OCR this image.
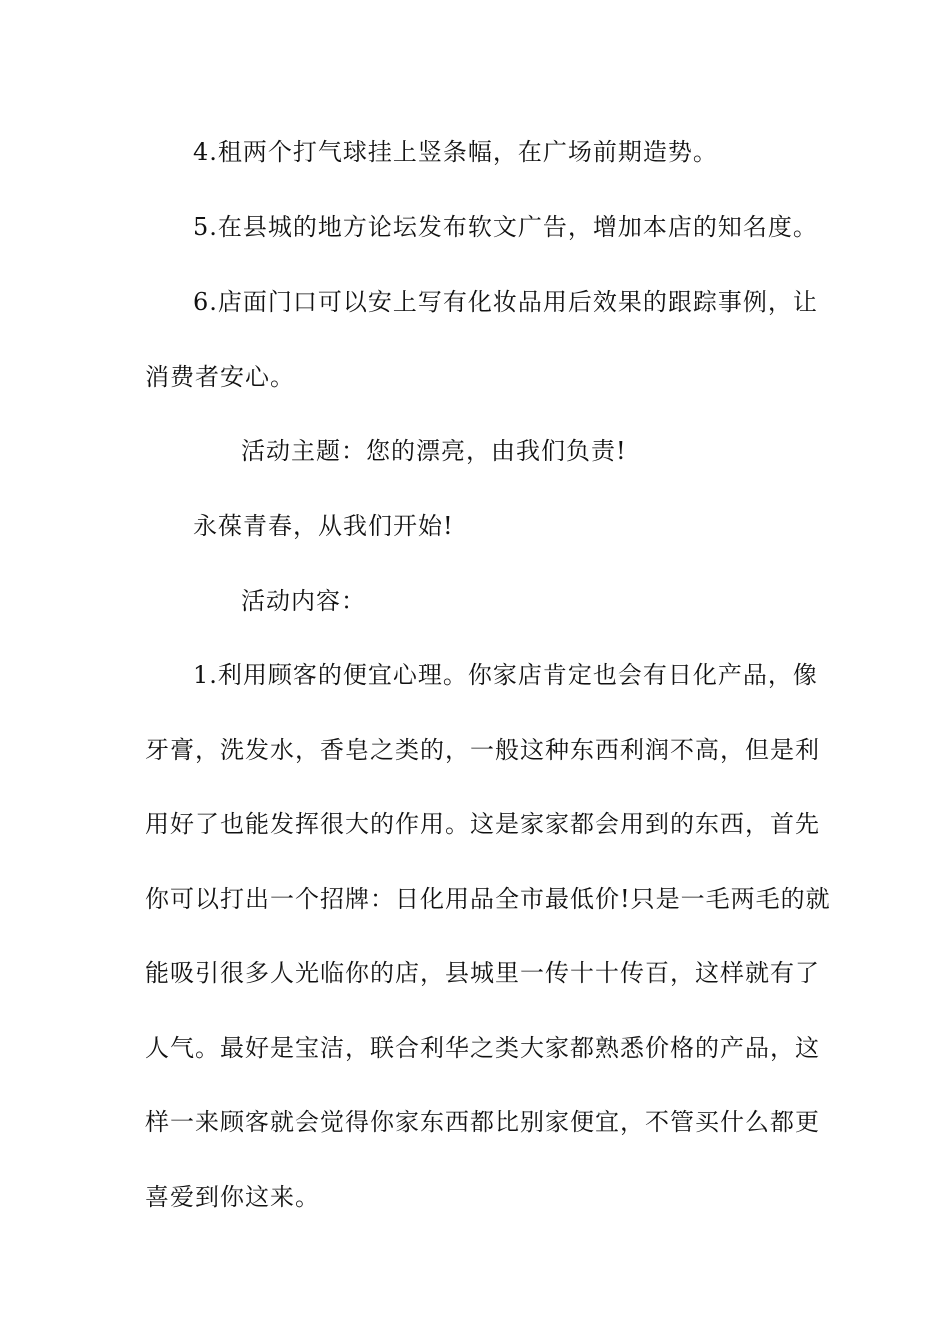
4.租两个打气球挂上竖条幅，在广场前期造势。
5.在县城的地方论坛发布软文广告，增加本店的知名度。
6.店面门口可以安上写有化妆品用后效果的跟踪事例，让
消费者安心。
活动主题：您的漂亮，由我们负责!
永葆青春，从我们开始!
活动内容：
1.利用顾客的便宜心理。你家店肯定也会有日化产品，像
牙膏，洗发水，香皂之类的，一般这种东西利润不高，但是利
用好了也能发挥很大的作用。这是家家都会用到的东西，首先
你可以打出一个招牌：日化用品全市最低价!只是一毛两毛的就
能吸引很多人光临你的店，县城里一传十十传百，这样就有了
人气。最好是宝洁，联合利华之类大家都熟悉价格的产品，这
样一来顾客就会觉得你家东西都比别家便宜，不管买什么都更
喜爱到你这来。
